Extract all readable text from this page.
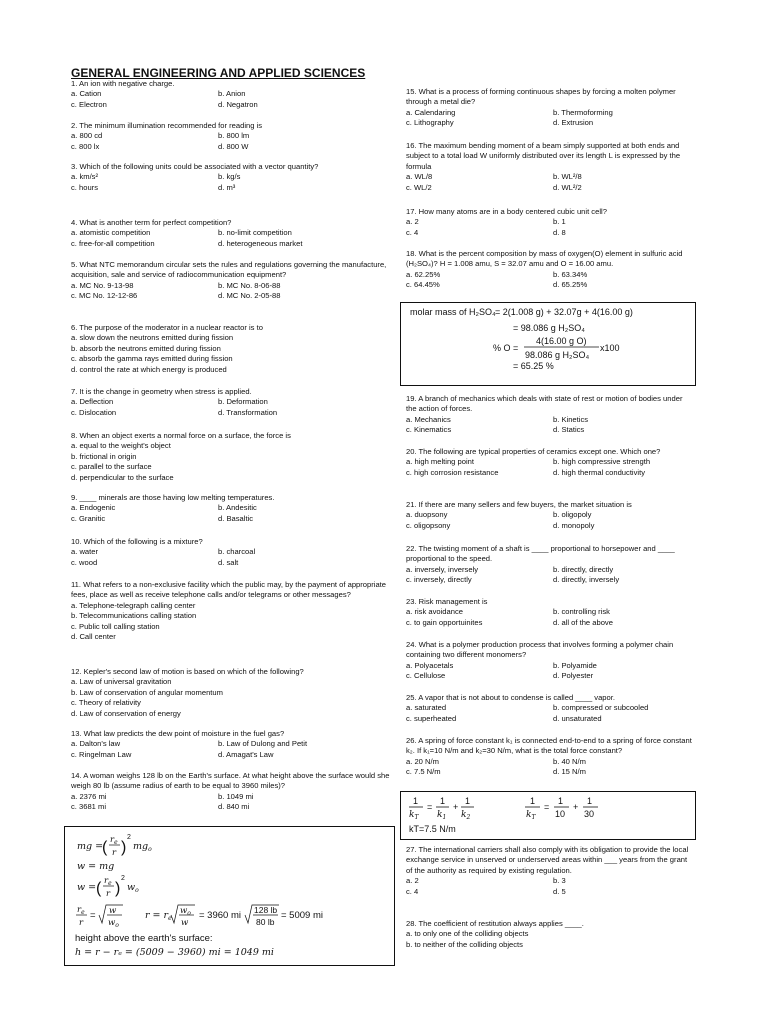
GENERAL ENGINEERING AND APPLIED SCIENCES
1. An ion with negative charge.
a. Cation	b. Anion
c. Electron	d. Negatron
2. The minimum illumination recommended for reading is
a. 800 cd	b. 800 lm
c. 800 lx	d. 800 W
3. Which of the following units could be associated with a vector quantity?
a. km/s²	b. kg/s
c. hours	d. m³
4. What is another term for perfect competition?
a. atomistic competition	b. no-limit competition
c. free-for-all competition	d. heterogeneous market
5. What NTC memorandum circular sets the rules and regulations governing the manufacture, acquisition, sale and service of radiocommunication equipment?
a. MC No. 9-13-98	b. MC No. 8-06-88
c. MC No. 12-12-86	d. MC No. 2-05-88
6. The purpose of the moderator in a nuclear reactor is to
a. slow down the neutrons emitted during fission
b. absorb the neutrons emitted during fission
c. absorb the gamma rays emitted during fission
d. control the rate at which energy is produced
7. It is the change in geometry when stress is applied.
a. Deflection	b. Deformation
c. Dislocation	d. Transformation
8. When an object exerts a normal force on a surface, the force is
a. equal to the weight's object
b. frictional in origin
c. parallel to the surface
d. perpendicular to the surface
9. ____ minerals are those having low melting temperatures.
a. Endogenic	b. Andesitic
c. Granitic	d. Basaltic
10. Which of the following is a mixture?
a. water	b. charcoal
c. wood	d. salt
11. What refers to a non-exclusive facility which the public may, by the payment of appropriate fees, place as well as receive telephone calls and/or telegrams or other messages?
a. Telephone-telegraph calling center
b. Telecommunications calling station
c. Public toll calling station
d. Call center
12. Kepler's second law of motion is based on which of the following?
a. Law of universal gravitation
b. Law of conservation of angular momentum
c. Theory of relativity
d. Law of conservation of energy
13. What law predicts the dew point of moisture in the fuel gas?
a. Dalton's law	b. Law of Dulong and Petit
c. Ringelman Law	d. Amagat's Law
14. A woman weighs 128 lb on the Earth's surface. At what height above the surface would she weigh 80 lb (assume radius of earth to be equal to 3960 miles)?
a. 2376 mi	b. 1049 mi
c. 3681 mi	d. 840 mi
15. What is a process of forming continuous shapes by forcing a molten polymer through a metal die?
a. Calendaring	b. Thermoforming
c. Lithography	d. Extrusion
16. The maximum bending moment of a beam simply supported at both ends and subject to a total load W uniformly distributed over its length L is expressed by the formula
a. WL/8	b. WL²/8
c. WL/2	d. WL²/2
17. How many atoms are in a body centered cubic unit cell?
a. 2	b. 1
c. 4	d. 8
18. What is the percent composition by mass of oxygen(O) element in sulfuric acid (H₂SO₄)? H = 1.008 amu, S = 32.07 amu and O = 16.00 amu.
a. 62.25%	b. 63.34%
c. 64.45%	d. 65.25%
19. A branch of mechanics which deals with state of rest or motion of bodies under the action of forces.
a. Mechanics	b. Kinetics
c. Kinematics	d. Statics
20. The following are typical properties of ceramics except one. Which one?
a. high melting point	b. high compressive strength
c. high corrosion resistance	d. high thermal conductivity
21. If there are many sellers and few buyers, the market situation is
a. duopsony	b. oligopoly
c. oligopsony	d. monopoly
22. The twisting moment of a shaft is ____ proportional to horsepower and ____ proportional to the speed.
a. inversely, inversely	b. directly, directly
c. inversely, directly	d. directly, inversely
23. Risk management is
a. risk avoidance	b. controlling risk
c. to gain opportuinites	d. all of the above
24. What is a polymer production process that involves forming a polymer chain containing two different monomers?
a. Polyacetals	b. Polyamide
c. Cellulose	d. Polyester
25. A vapor that is not about to condense is called ____ vapor.
a. saturated	b. compressed or subcooled
c. superheated	d. unsaturated
26. A spring of force constant k₁ is connected end-to-end to a spring of force constant k₂. If k₁=10 N/m and k₂=30 N/m, what is the total force constant?
a. 20 N/m	b. 40 N/m
c. 7.5 N/m	d. 15 N/m
27. The international carriers shall also comply with its obligation to provide the local exchange service in unserved or underserved areas within ___ years from the grant of the authority as required by existing regulation.
a. 2	b. 3
c. 4	d. 5
28. The coefficient of restitution always applies ____.
a. to only one of the colliding objects
b. to neither of the colliding objects
molar mass of H₂SO₄ = 2(1.008 g) + 32.07g + 4(16.00 g)
= 98.086 g H₂SO₄
% O =
4(16.00 g O)
98.086 g H₂SO₄
x100
= 65.25 %
1
$k_T$
=
1
$k_1$
+
1
$k_2$
1
$k_T$
=
1
10
+
1
30
kT=7.5 N/m
mg =
( $r_e$
r )
2
$mg_o$
w = mg
w = ( $r_e$
r )
2
$w_o$
$r_e$
r
= w
$w_o$
$r = r_e$
$w_o$
w
= 3960 mi 128 lb
80 lb
= 5009 mi
height above the earth's surface:
h = r − rₑ = (5009 − 3960) mi = 1049 mi
